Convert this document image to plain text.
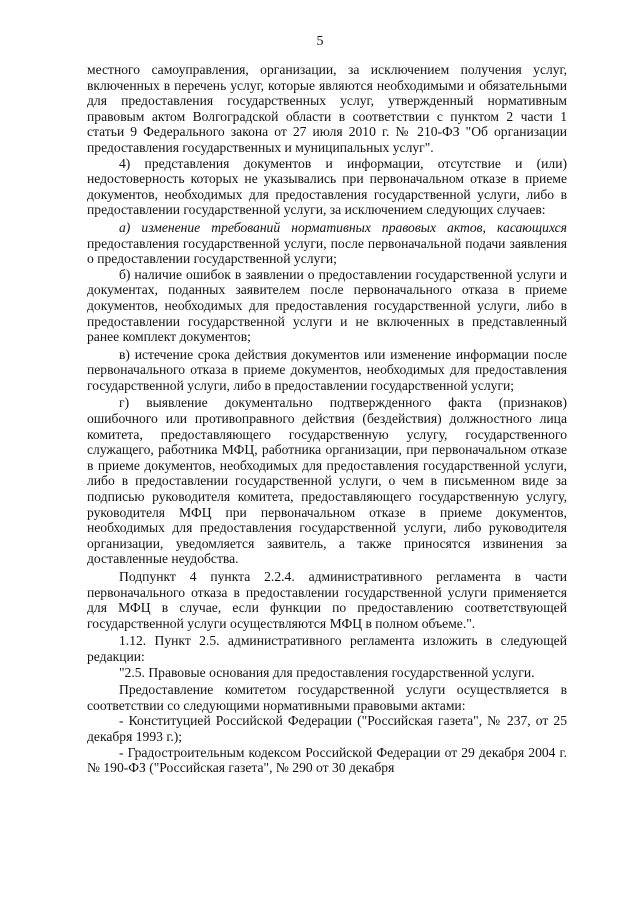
5

местного самоуправления, организации, за исключением получения услуг, включенных в перечень услуг, которые являются необходимыми и обязательными для предоставления государственных услуг, утвержденный нормативным правовым актом Волгоградской области в соответствии с пунктом 2 части 1 статьи 9 Федерального закона от 27 июля 2010 г. № 210-ФЗ "Об организации предоставления государственных и муниципальных услуг".

4) представления документов и информации, отсутствие и (или) недостоверность которых не указывались при первоначальном отказе в приеме документов, необходимых для предоставления государственной услуги, либо в предоставлении государственной услуги, за исключением следующих случаев:

а) изменение требований нормативных правовых актов, касающихся предоставления государственной услуги, после первоначальной подачи заявления о предоставлении государственной услуги;

б) наличие ошибок в заявлении о предоставлении государственной услуги и документах, поданных заявителем после первоначального отказа в приеме документов, необходимых для предоставления государственной услуги, либо в предоставлении государственной услуги и не включенных в представленный ранее комплект документов;

в) истечение срока действия документов или изменение информации после первоначального отказа в приеме документов, необходимых для предоставления государственной услуги, либо в предоставлении государственной услуги;

г) выявление документально подтвержденного факта (признаков) ошибочного или противоправного действия (бездействия) должностного лица комитета, предоставляющего государственную услугу, государственного служащего, работника МФЦ, работника организации, при первоначальном отказе в приеме документов, необходимых для предоставления государственной услуги, либо в предоставлении государственной услуги, о чем в письменном виде за подписью руководителя комитета, предоставляющего государственную услугу, руководителя МФЦ при первоначальном отказе в приеме документов, необходимых для предоставления государственной услуги, либо руководителя организации, уведомляется заявитель, а также приносятся извинения за доставленные неудобства.

Подпункт 4 пункта 2.2.4. административного регламента в части первоначального отказа в предоставлении государственной услуги применяется для МФЦ в случае, если функции по предоставлению соответствующей государственной услуги осуществляются МФЦ в полном объеме.".

1.12. Пункт 2.5. административного регламента изложить в следующей редакции:

"2.5. Правовые основания для предоставления государственной услуги.

Предоставление комитетом государственной услуги осуществляется в соответствии со следующими нормативными правовыми актами:

- Конституцией Российской Федерации ("Российская газета", № 237, от 25 декабря 1993 г.);

- Градостроительным кодексом Российской Федерации от 29 декабря 2004 г. № 190-ФЗ ("Российская газета", № 290 от 30 декабря
